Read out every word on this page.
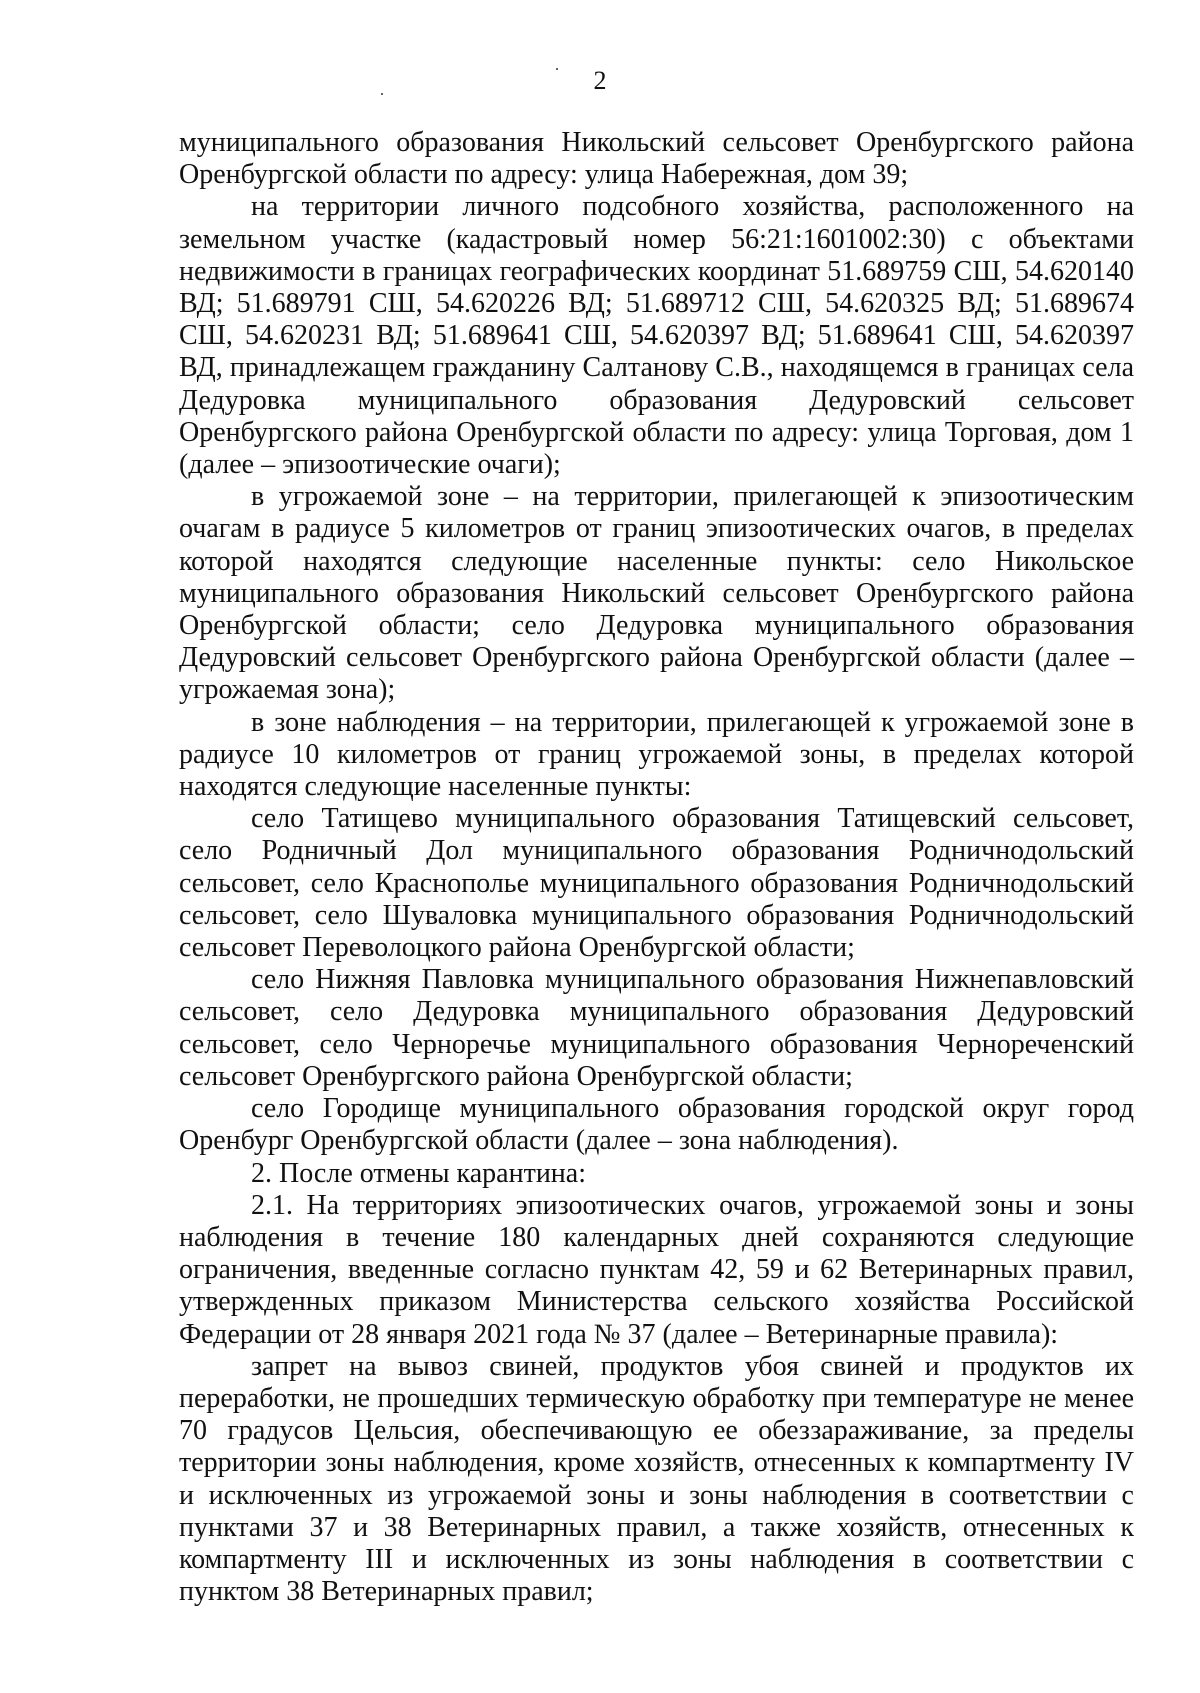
2

муниципального образования Никольский сельсовет Оренбургского района Оренбургской области по адресу: улица Набережная, дом 39;

на территории личного подсобного хозяйства, расположенного на земельном участке (кадастровый номер 56:21:1601002:30) с объектами недвижимости в границах географических координат 51.689759 СШ, 54.620140 ВД; 51.689791 СШ, 54.620226 ВД; 51.689712 СШ, 54.620325 ВД; 51.689674 СШ, 54.620231 ВД; 51.689641 СШ, 54.620397 ВД; 51.689641 СШ, 54.620397 ВД, принадлежащем гражданину Салтанову С.В., находящемся в границах села Дедуровка муниципального образования Дедуровский сельсовет Оренбургского района Оренбургской области по адресу: улица Торговая, дом 1 (далее – эпизоотические очаги);

в угрожаемой зоне – на территории, прилегающей к эпизоотическим очагам в радиусе 5 километров от границ эпизоотических очагов, в пределах которой находятся следующие населенные пункты: село Никольское муниципального образования Никольский сельсовет Оренбургского района Оренбургской области; село Дедуровка муниципального образования Дедуровский сельсовет Оренбургского района Оренбургской области (далее – угрожаемая зона);

в зоне наблюдения – на территории, прилегающей к угрожаемой зоне в радиусе 10 километров от границ угрожаемой зоны, в пределах которой находятся следующие населенные пункты:

село Татищево муниципального образования Татищевский сельсовет, село Родничный Дол муниципального образования Родничнодольский сельсовет, село Краснополье муниципального образования Родничнодольский сельсовет, село Шуваловка муниципального образования Родничнодольский сельсовет Переволоцкого района Оренбургской области;

село Нижняя Павловка муниципального образования Нижнепавловский сельсовет, село Дедуровка муниципального образования Дедуровский сельсовет, село Черноречье муниципального образования Чернореченский сельсовет Оренбургского района Оренбургской области;

село Городище муниципального образования городской округ город Оренбург Оренбургской области (далее – зона наблюдения).

2. После отмены карантина:

2.1. На территориях эпизоотических очагов, угрожаемой зоны и зоны наблюдения в течение 180 календарных дней сохраняются следующие ограничения, введенные согласно пунктам 42, 59 и 62 Ветеринарных правил, утвержденных приказом Министерства сельского хозяйства Российской Федерации от 28 января 2021 года № 37 (далее – Ветеринарные правила):

запрет на вывоз свиней, продуктов убоя свиней и продуктов их переработки, не прошедших термическую обработку при температуре не менее 70 градусов Цельсия, обеспечивающую ее обеззараживание, за пределы территории зоны наблюдения, кроме хозяйств, отнесенных к компартменту IV и исключенных из угрожаемой зоны и зоны наблюдения в соответствии с пунктами 37 и 38 Ветеринарных правил, а также хозяйств, отнесенных к компартменту III и исключенных из зоны наблюдения в соответствии с пунктом 38 Ветеринарных правил;
